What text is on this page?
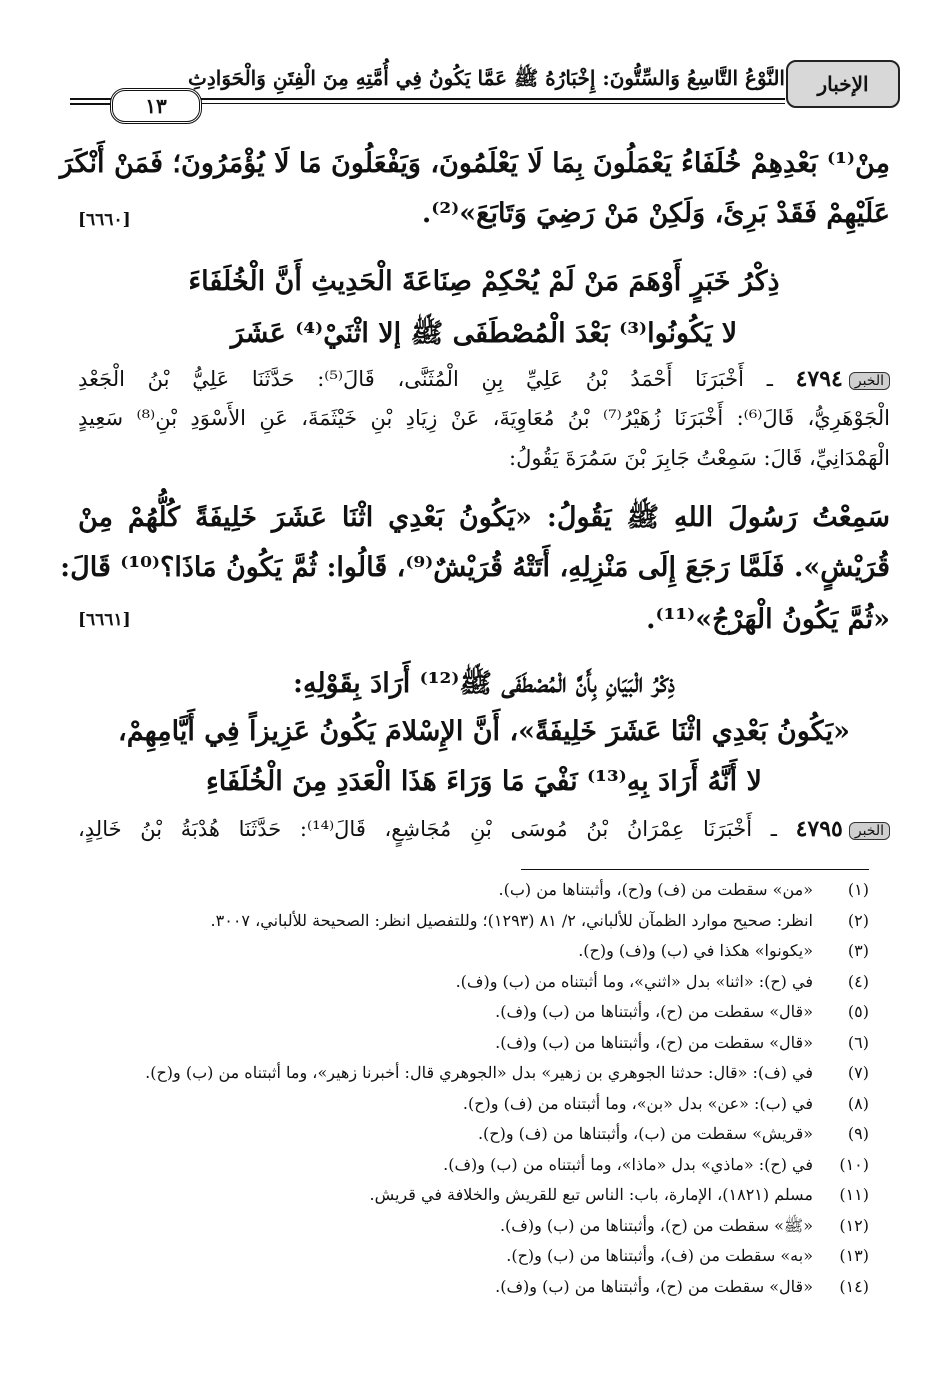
الإخبار
النَّوْعُ التَّاسِعُ وَالسِّتُّونَ: إِخْبَارُهُ ﷺ عَمَّا يَكُونُ فِي أُمَّتِهِ مِنَ الْفِتَنِ وَالْحَوَادِثِ
١٣
مِنْ⁽¹⁾ بَعْدِهِمْ خُلَفَاءُ يَعْمَلُونَ بِمَا لَا يَعْلَمُونَ، وَيَفْعَلُونَ مَا لَا يُؤْمَرُونَ؛ فَمَنْ أَنْكَرَ
عَلَيْهِمْ فَقَدْ بَرِئَ، وَلَكِنْ مَنْ رَضِيَ وَتَابَعَ»⁽²⁾.
[٦٦٦٠]
ذِكْرُ خَبَرٍ أَوْهَمَ مَنْ لَمْ يُحْكِمْ صِنَاعَةَ الْحَدِيثِ أَنَّ الْخُلَفَاءَ
لا يَكُونُوا⁽³⁾ بَعْدَ الْمُصْطَفَى ﷺ إلا اثْنَيْ⁽⁴⁾ عَشَرَ
الخبر٤٧٩٤ ـ أَخْبَرَنَا أَحْمَدُ بْنُ عَلِيِّ بِنِ الْمُثَنَّى، قَالَ⁽⁵⁾: حَدَّثَنَا عَلِيُّ بْنُ الْجَعْدِ
الْجَوْهَرِيُّ، قَالَ⁽⁶⁾: أَخْبَرَنَا زُهَيْرُ⁽⁷⁾ بْنُ مُعَاوِيَةَ، عَنْ زِيَادِ بْنِ خَيْثَمَةَ، عَنِ الأَسْوَدِ بْنِ⁽⁸⁾ سَعِيدٍ
الْهَمْدَانِيِّ، قَالَ: سَمِعْتُ جَابِرَ بْنَ سَمُرَةَ يَقُولُ:
سَمِعْتُ رَسُولَ اللهِ ﷺ يَقُولُ: «يَكُونُ بَعْدِي اثْنَا عَشَرَ خَلِيفَةً كُلُّهُمْ مِنْ
قُرَيْشٍ». فَلَمَّا رَجَعَ إِلَى مَنْزِلِهِ، أَتَتْهُ قُرَيْشٌ⁽⁹⁾، قَالُوا: ثُمَّ يَكُونُ مَاذَا؟⁽¹⁰⁾ قَالَ:
«ثُمَّ يَكُونُ الْهَرْجُ»⁽¹¹⁾.
[٦٦٦١]
ذِكْرُ الْبَيَانِ بِأَنَّ الْمُصْطَفَى ﷺ⁽¹²⁾ أَرَادَ بِقَوْلِهِ:
«يَكُونُ بَعْدِي اثْنَا عَشَرَ خَلِيفَةً»، أَنَّ الإِسْلامَ يَكُونُ عَزِيزاً فِي أَيَّامِهِمْ،
لا أَنَّهُ أَرَادَ بِهِ⁽¹³⁾ نَفْيَ مَا وَرَاءَ هَذَا الْعَدَدِ مِنَ الْخُلَفَاءِ
الخبر٤٧٩٥ ـ أَخْبَرَنَا عِمْرَانُ بْنُ مُوسَى بْنِ مُجَاشِعٍ، قَالَ⁽¹⁴⁾: حَدَّثَنَا هُدْبَةُ بْنُ خَالِدٍ،
(١)«من» سقطت من (ف) و(ح)، وأثبتناها من (ب).
(٢)انظر: صحيح موارد الظمآن للألباني، ٢/ ٨١ (١٢٩٣)؛ وللتفصيل انظر: الصحيحة للألباني، ٣٠٠٧.
(٣)«يكونوا» هكذا في (ب) و(ف) و(ح).
(٤)في (ح): «اثنا» بدل «اثني»، وما أثبتناه من (ب) و(ف).
(٥)«قال» سقطت من (ح)، وأثبتناها من (ب) و(ف).
(٦)«قال» سقطت من (ح)، وأثبتناها من (ب) و(ف).
(٧)في (ف): «قال: حدثنا الجوهري بن زهير» بدل «الجوهري قال: أخبرنا زهير»، وما أثبتناه من (ب) و(ح).
(٨)في (ب): «عن» بدل «بن»، وما أثبتناه من (ف) و(ح).
(٩)«قريش» سقطت من (ب)، وأثبتناها من (ف) و(ح).
(١٠)في (ح): «ماذي» بدل «ماذا»، وما أثبتناه من (ب) و(ف).
(١١)مسلم (١٨٢١)، الإمارة، باب: الناس تبع للقريش والخلافة في قريش.
(١٢)«ﷺ» سقطت من (ح)، وأثبتناها من (ب) و(ف).
(١٣)«به» سقطت من (ف)، وأثبتناها من (ب) و(ح).
(١٤)«قال» سقطت من (ح)، وأثبتناها من (ب) و(ف).
